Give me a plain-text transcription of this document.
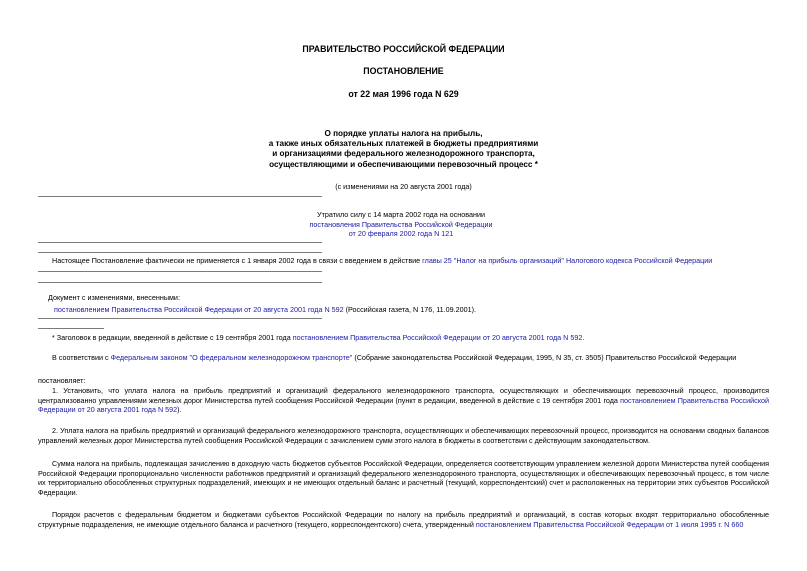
ПРАВИТЕЛЬСТВО РОССИЙСКОЙ ФЕДЕРАЦИИ
ПОСТАНОВЛЕНИЕ
от 22 мая 1996 года N 629
О порядке уплаты налога на прибыль,
а также иных обязательных платежей в бюджеты предприятиями
и организациями федерального железнодорожного транспорта,
осуществляющими и обеспечивающими перевозочный процесс *
(с изменениями на 20 августа 2001 года)
Утратило силу с 14 марта 2002 года на основании
постановления Правительства Российской Федерации
от 20 февраля 2002 года N 121
Настоящее Постановление фактически не применяется с 1 января 2002 года в связи с введением в действие главы 25 "Налог на прибыль организаций" Налогового кодекса Российской Федерации
Документ с изменениями, внесенными:
постановлением Правительства Российской Федерации от 20 августа 2001 года N 592 (Российская газета, N 176, 11.09.2001).
* Заголовок в редакции, введенной в действие с 19 сентября 2001 года постановлением Правительства Российской Федерации от 20 августа 2001 года N 592.
В соответствии с Федеральным законом "О федеральном железнодорожном транспорте" (Собрание законодательства Российской Федерации, 1995, N 35, ст. 3505) Правительство Российской Федерации
постановляет:

1. Установить, что уплата налога на прибыль предприятий и организаций федерального железнодорожного транспорта, осуществляющих и обеспечивающих перевозочный процесс, производится централизованно управлениями железных дорог Министерства путей сообщения Российской Федерации (пункт в редакции, введенной в действие с 19 сентября 2001 года постановлением Правительства Российской Федерации от 20 августа 2001 года N 592).

2. Уплата налога на прибыль предприятий и организаций федерального железнодорожного транспорта, осуществляющих и обеспечивающих перевозочный процесс, производится на основании сводных балансов управлений железных дорог Министерства путей сообщения Российской Федерации с зачислением сумм этого налога в бюджеты в соответствии с действующим законодательством.

Сумма налога на прибыль, подлежащая зачислению в доходную часть бюджетов субъектов Российской Федерации, определяется соответствующим управлением железной дороги Министерства путей сообщения Российской Федерации пропорционально численности работников предприятий и организаций федерального железнодорожного транспорта, осуществляющих и обеспечивающих перевозочный процесс, в том числе их территориально обособленных структурных подразделений, имеющих и не имеющих отдельный баланс и расчетный (текущий, корреспондентский) счет и расположенных на территории этих субъектов Российской Федерации.

Порядок расчетов с федеральным бюджетом и бюджетами субъектов Российской Федерации по налогу на прибыль предприятий и организаций, в состав которых входят территориально обособленные структурные подразделения, не имеющие отдельного баланса и расчетного (текущего, корреспондентского) счета, утвержденный постановлением Правительства Российской Федерации от 1 июля 1995 г. N 660
